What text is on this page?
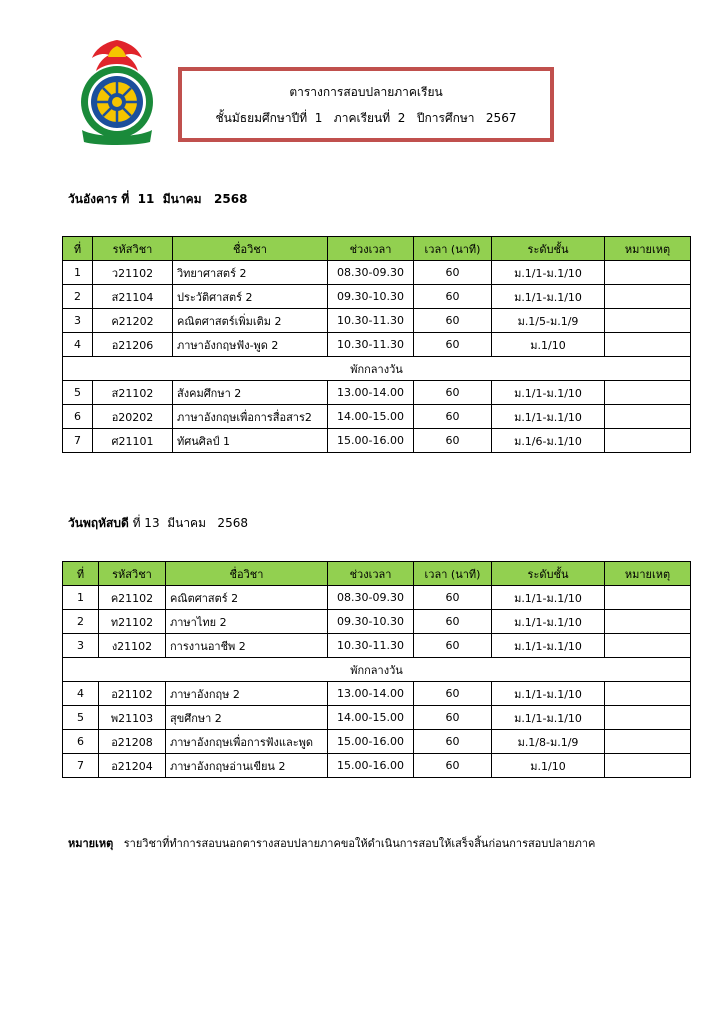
ตารางการสอบปลายภาคเรียน
ชั้นมัธยมศึกษาปีที่  1   ภาคเรียนที่  2   ปีการศึกษา   2567
วันอังคาร ที่  11  มีนาคม   2568
ที่	รหัสวิชา	ชื่อวิชา	ช่วงเวลา	เวลา (นาที)	ระดับชั้น	หมายเหตุ
1	ว21102	วิทยาศาสตร์ 2	08.30-09.30	60	ม.1/1-ม.1/10	
2	ส21104	ประวัติศาสตร์ 2	09.30-10.30	60	ม.1/1-ม.1/10	
3	ค21202	คณิตศาสตร์เพิ่มเติม 2	10.30-11.30	60	ม.1/5-ม.1/9	
4	อ21206	ภาษาอังกฤษฟัง-พูด 2	10.30-11.30	60	ม.1/10	
พักกลางวัน						
5	ส21102	สังคมศึกษา 2	13.00-14.00	60	ม.1/1-ม.1/10	
6	อ20202	ภาษาอังกฤษเพื่อการสื่อสาร2	14.00-15.00	60	ม.1/1-ม.1/10	
7	ศ21101	ทัศนศิลป์ 1	15.00-16.00	60	ม.1/6-ม.1/10	
วันพฤหัสบดี ที่ 13  มีนาคม   2568
ที่	รหัสวิชา	ชื่อวิชา	ช่วงเวลา	เวลา (นาที)	ระดับชั้น	หมายเหตุ
1	ค21102	คณิตศาสตร์ 2	08.30-09.30	60	ม.1/1-ม.1/10	
2	ท21102	ภาษาไทย 2	09.30-10.30	60	ม.1/1-ม.1/10	
3	ง21102	การงานอาชีพ 2	10.30-11.30	60	ม.1/1-ม.1/10	
พักกลางวัน						
4	อ21102	ภาษาอังกฤษ 2	13.00-14.00	60	ม.1/1-ม.1/10	
5	พ21103	สุขศึกษา 2	14.00-15.00	60	ม.1/1-ม.1/10	
6	อ21208	ภาษาอังกฤษเพื่อการฟังและพูด	15.00-16.00	60	ม.1/8-ม.1/9	
7	อ21204	ภาษาอังกฤษอ่านเขียน 2	15.00-16.00	60	ม.1/10	
หมายเหตุ   รายวิชาที่ทำการสอบนอกตารางสอบปลายภาคขอให้ดำเนินการสอบให้เสร็จสิ้นก่อนการสอบปลายภาค
